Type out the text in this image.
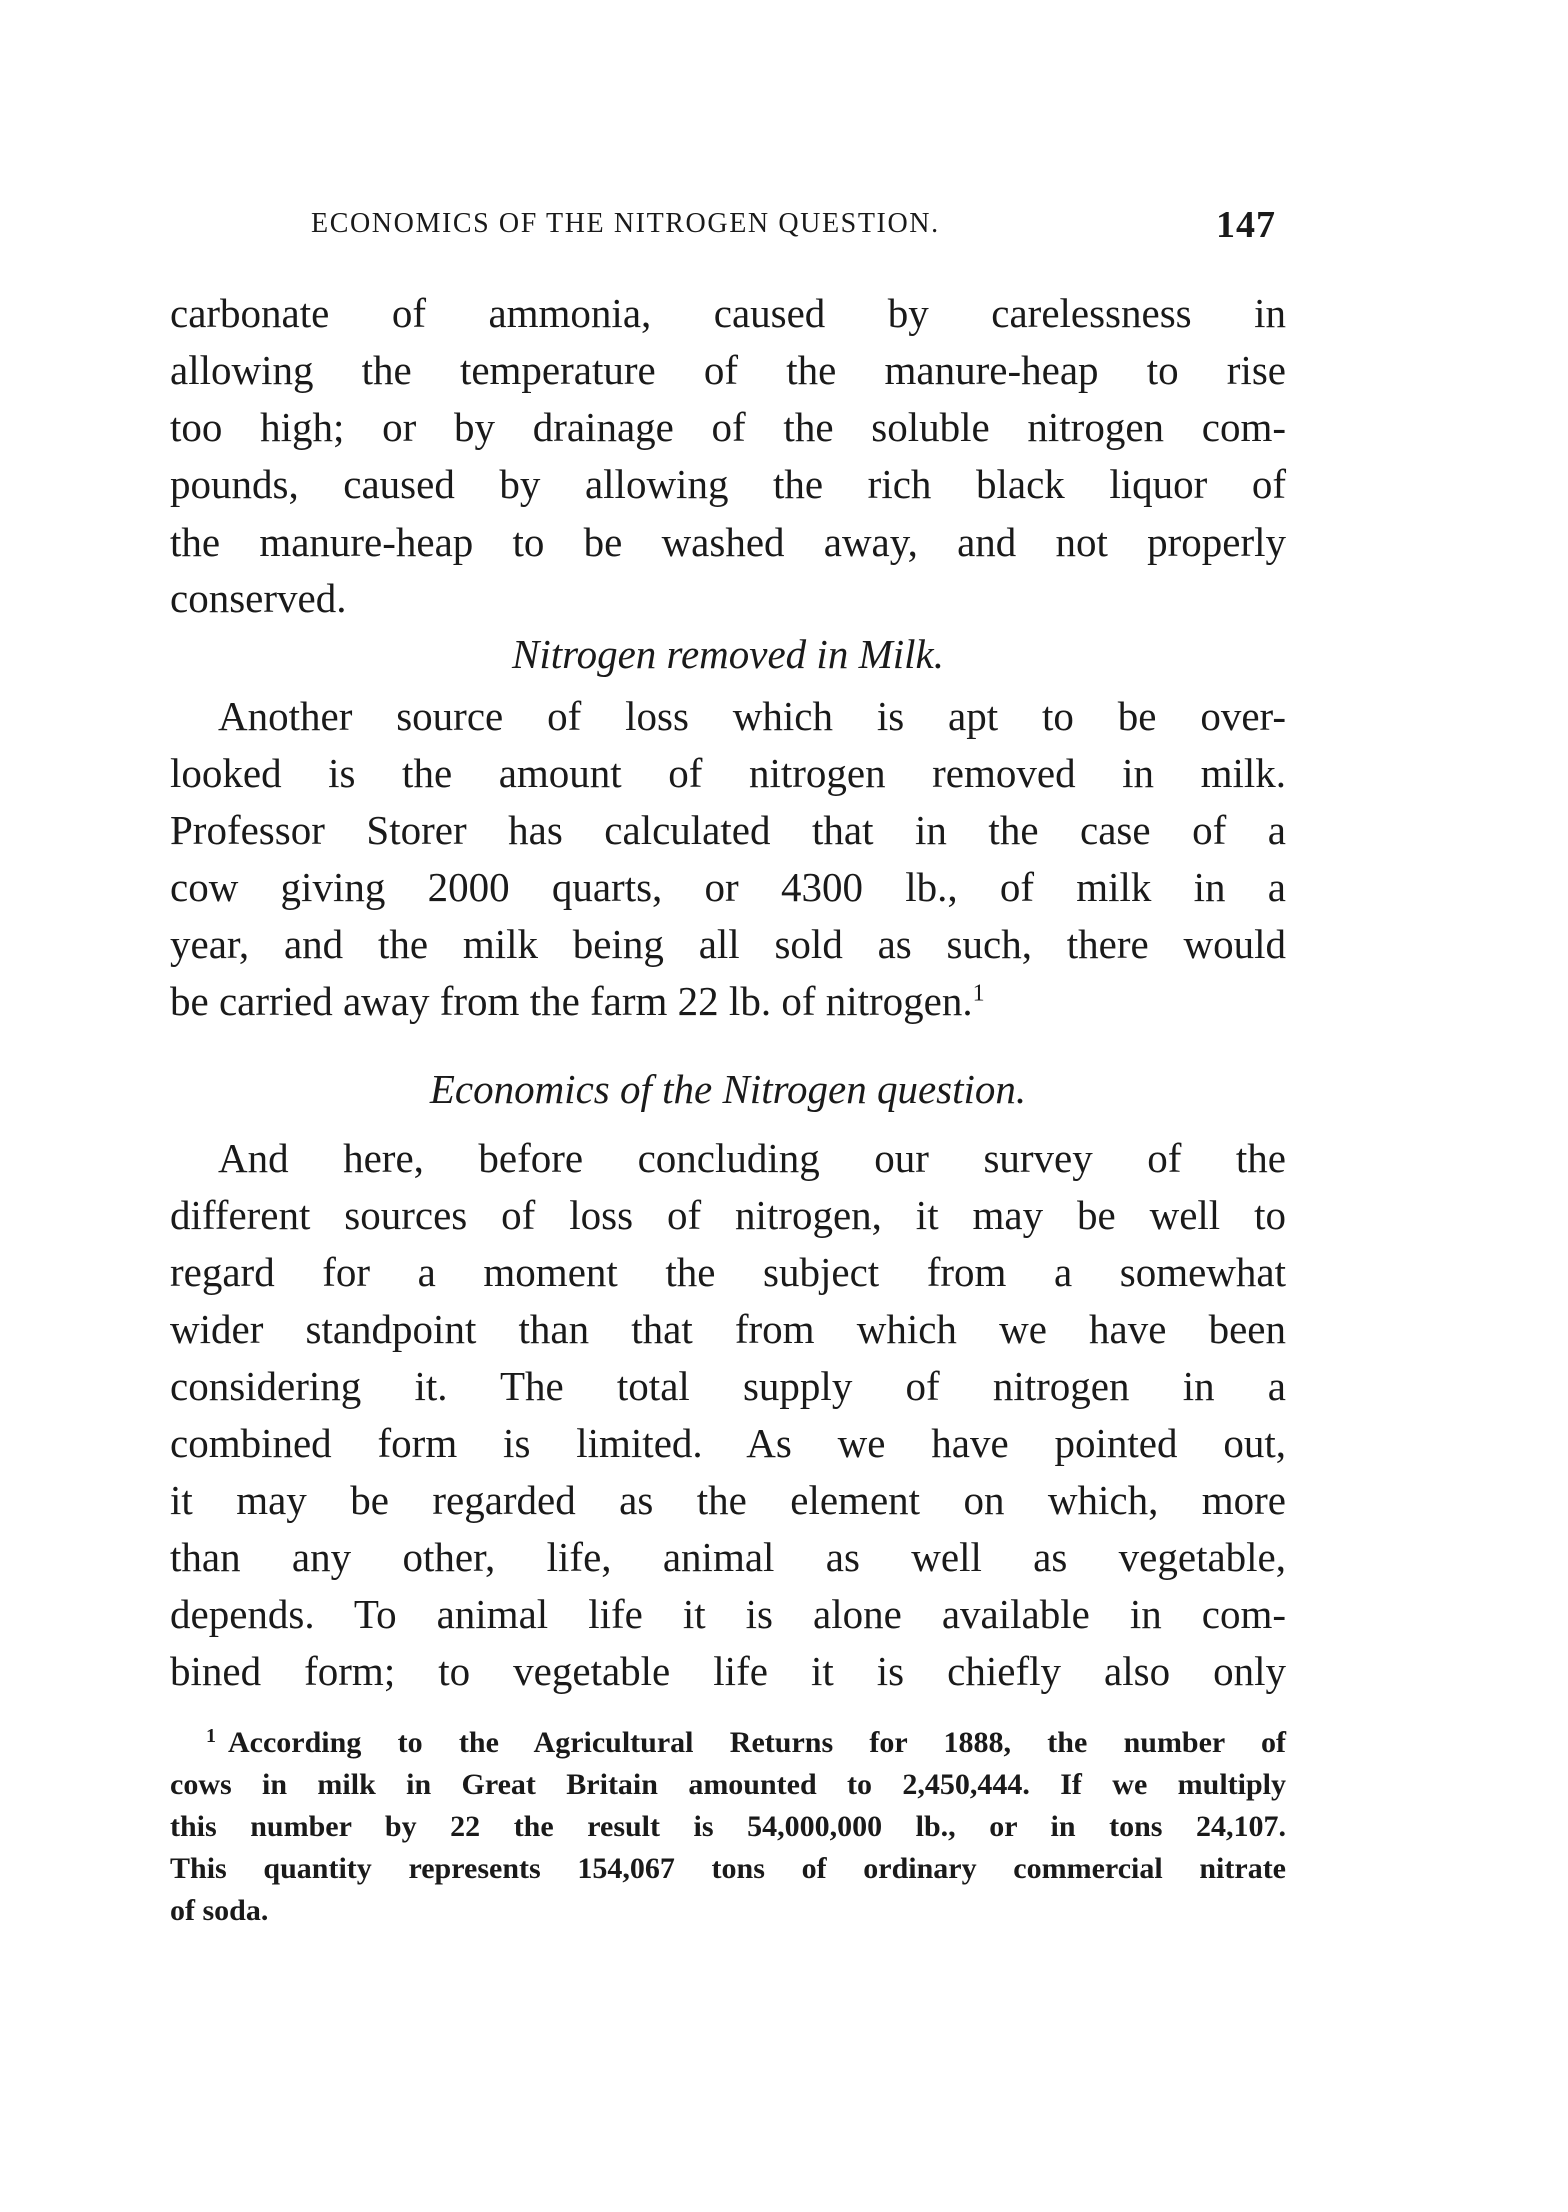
ECONOMICS OF THE NITROGEN QUESTION.	147
carbonate of ammonia, caused by carelessness in
allowing the temperature of the manure-heap to rise
too high; or by drainage of the soluble nitrogen com-
pounds, caused by allowing the rich black liquor of
the manure-heap to be washed away, and not properly
conserved.
Nitrogen removed in Milk.
Another source of loss which is apt to be over-
looked is the amount of nitrogen removed in milk.
Professor Storer has calculated that in the case of a
cow giving 2000 quarts, or 4300 lb., of milk in a
year, and the milk being all sold as such, there would
be carried away from the farm 22 lb. of nitrogen.$^1$
Economics of the Nitrogen question.
And here, before concluding our survey of the
different sources of loss of nitrogen, it may be well to
regard for a moment the subject from a somewhat
wider standpoint than that from which we have been
considering it. The total supply of nitrogen in a
combined form is limited. As we have pointed out,
it may be regarded as the element on which, more
than any other, life, animal as well as vegetable,
depends. To animal life it is alone available in com-
bined form; to vegetable life it is chiefly also only
1 According to the Agricultural Returns for 1888, the number of
cows in milk in Great Britain amounted to 2,450,444. If we multiply
this number by 22 the result is 54,000,000 lb., or in tons 24,107.
This quantity represents 154,067 tons of ordinary commercial nitrate
of soda.
